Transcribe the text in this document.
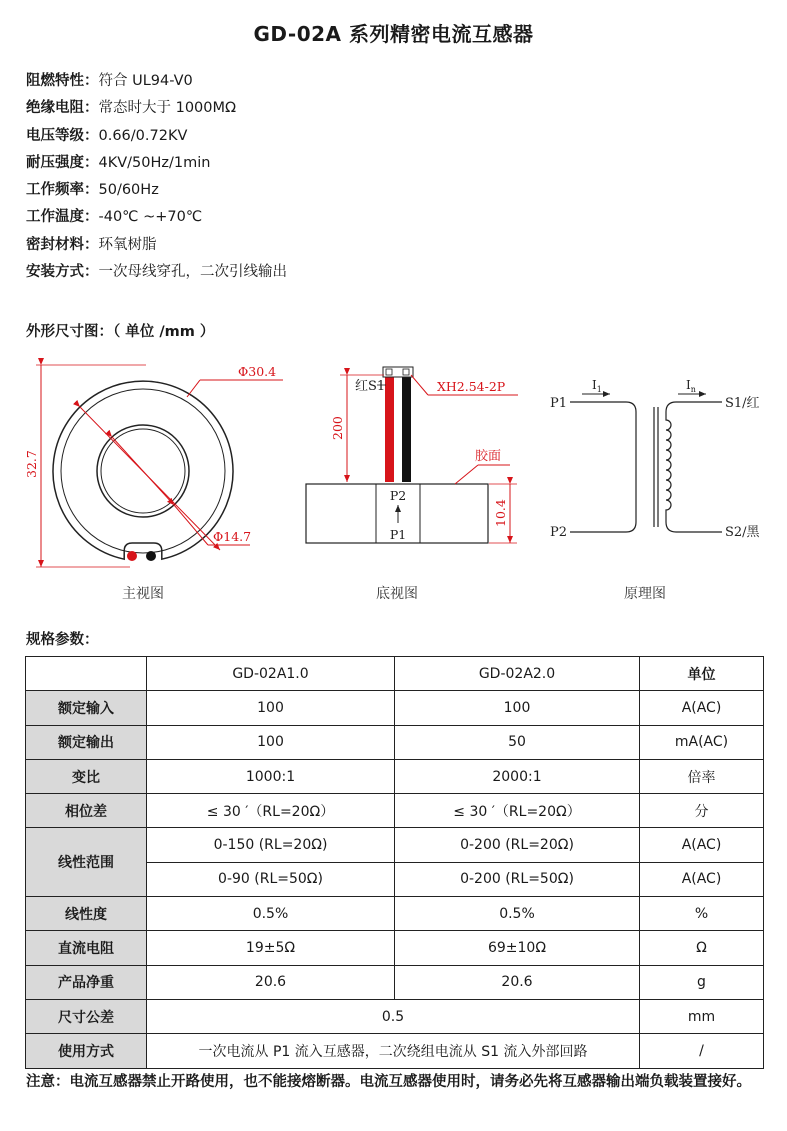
GD-02A 系列精密电流互感器
阻燃特性：符合 UL94-V0
绝缘电阻：常态时大于 1000MΩ
电压等级：0.66/0.72KV
耐压强度：4KV/50Hz/1min
工作频率：50/60Hz
工作温度：-40℃ ~+70℃
密封材料：环氧树脂
安装方式：一次母线穿孔，二次引线输出
外形尺寸图：（ 单位 /mm ）
Φ30.4
Φ14.7
32.7
主视图
P2
P1
红S1	XH2.54-2P
胶面
200
10.4
底视图
P1
P2
$I_1$	$I_n$
S1/红
S2/黑
原理图
规格参数：
	GD-02A1.0	GD-02A2.0	单位
额定输入	100	100	A(AC)
额定输出	100	50	mA(AC)
变比	1000:1	2000:1	倍率
相位差	≤ 30 ′（RL=20Ω）	≤ 30 ′（RL=20Ω）	分
线性范围	0-150 (RL=20Ω)	0-200 (RL=20Ω)	A(AC)
	0-90 (RL=50Ω)	0-200 (RL=50Ω)	A(AC)
线性度	0.5%	0.5%	%
直流电阻	19±5Ω	69±10Ω	Ω
产品净重	20.6	20.6	g
尺寸公差	0.5		mm
使用方式	一次电流从 P1 流入互感器，二次绕组电流从 S1 流入外部回路		/
注意：电流互感器禁止开路使用，也不能接熔断器。电流互感器使用时，请务必先将互感器输出端负载装置接好。
